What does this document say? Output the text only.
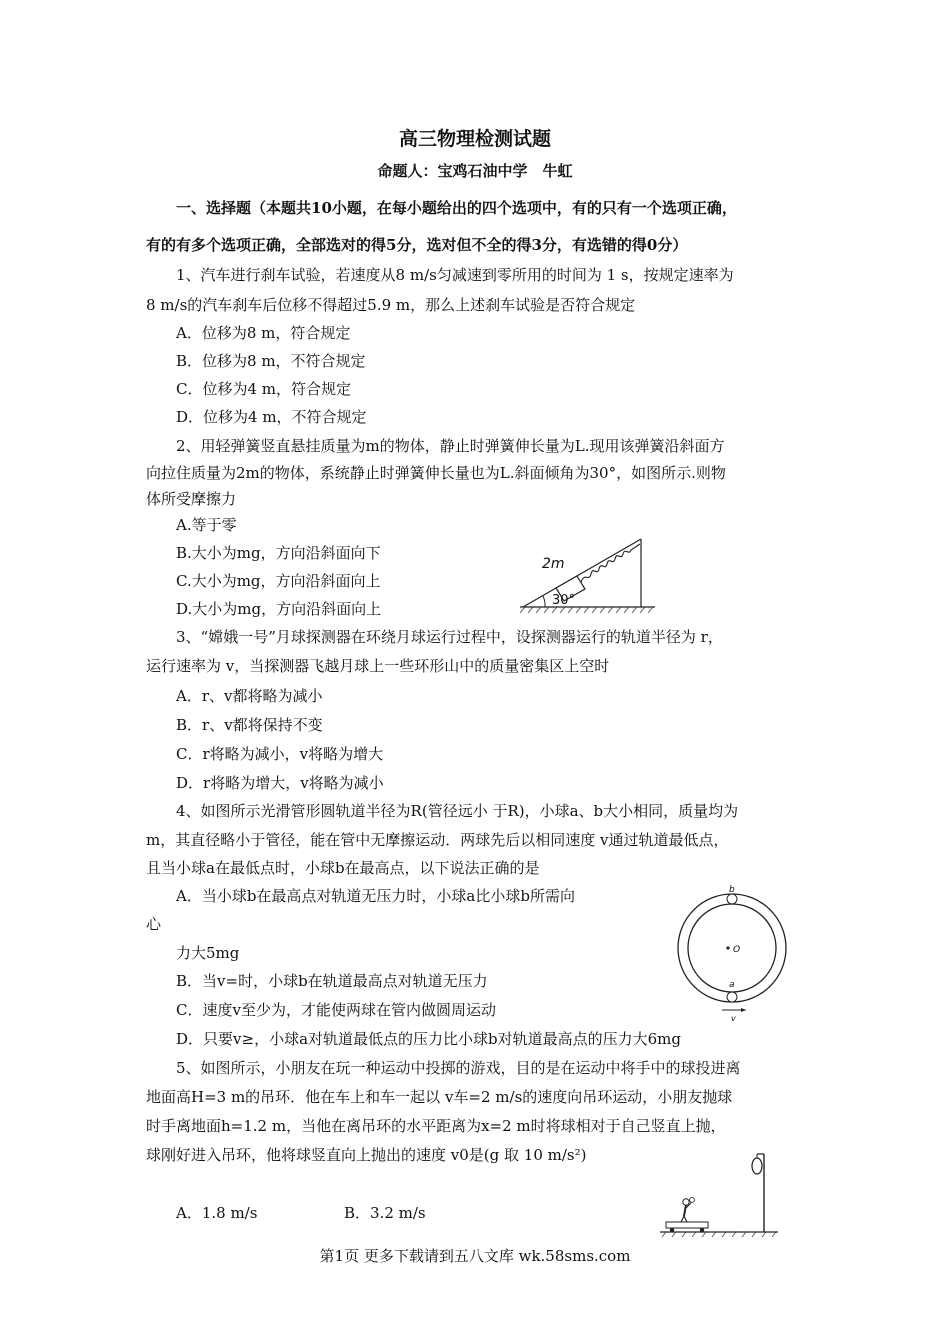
高三物理检测试题
命题人：宝鸡石油中学　牛虹
一、选择题（本题共10小题，在每小题给出的四个选项中，有的只有一个选项正确，
有的有多个选项正确，全部选对的得5分，选对但不全的得3分，有选错的得0分）
1、汽车进行刹车试验，若速度从8 m/s匀减速到零所用的时间为 1 s，按规定速率为
8 m/s的汽车刹车后位移不得超过5.9 m，那么上述刹车试验是否符合规定
A．位移为8 m，符合规定
B．位移为8 m，不符合规定
C．位移为4 m，符合规定
D．位移为4 m，不符合规定
2、用轻弹簧竖直悬挂质量为m的物体，静止时弹簧伸长量为L.现用该弹簧沿斜面方
向拉住质量为2m的物体，系统静止时弹簧伸长量也为L.斜面倾角为30°，如图所示.则物
体所受摩擦力
A.等于零
B.大小为mg，方向沿斜面向下
C.大小为mg，方向沿斜面向上
D.大小为mg，方向沿斜面向上	30°
2m
3、“嫦娥一号”月球探测器在环绕月球运行过程中，设探测器运行的轨道半径为 r，
运行速率为 v，当探测器飞越月球上一些环形山中的质量密集区上空时
A．r、v都将略为减小
B．r、v都将保持不变
C．r将略为减小，v将略为增大
D．r将略为增大，v将略为减小
4、如图所示光滑管形圆轨道半径为R(管径远小 于R)，小球a、b大小相同，质量均为
m，其直径略小于管径，能在管中无摩擦运动．两球先后以相同速度 v通过轨道最低点，
且当小球a在最低点时，小球b在最高点，以下说法正确的是
A．当小球b在最高点对轨道无压力时，小球a比小球b所需向
心
力大5mg
B．当v=时，小球b在轨道最高点对轨道无压力
C．速度v至少为，才能使两球在管内做圆周运动
D．只要v≥，小球a对轨道最低点的压力比小球b对轨道最高点的压力大6mg
b
O
a
v
5、如图所示，小朋友在玩一种运动中投掷的游戏，目的是在运动中将手中的球投进离
地面高H=3 m的吊环．他在车上和车一起以 v车=2 m/s的速度向吊环运动，小朋友抛球
时手离地面h=1.2 m，当他在离吊环的水平距离为x=2 m时将球相对于自己竖直上抛，
球刚好进入吊环，他将球竖直向上抛出的速度 v0是(g 取 10 m/s²)
A．1.8 m/s	B．3.2 m/s
第1页 更多下载请到五八文库 wk.58sms.com
